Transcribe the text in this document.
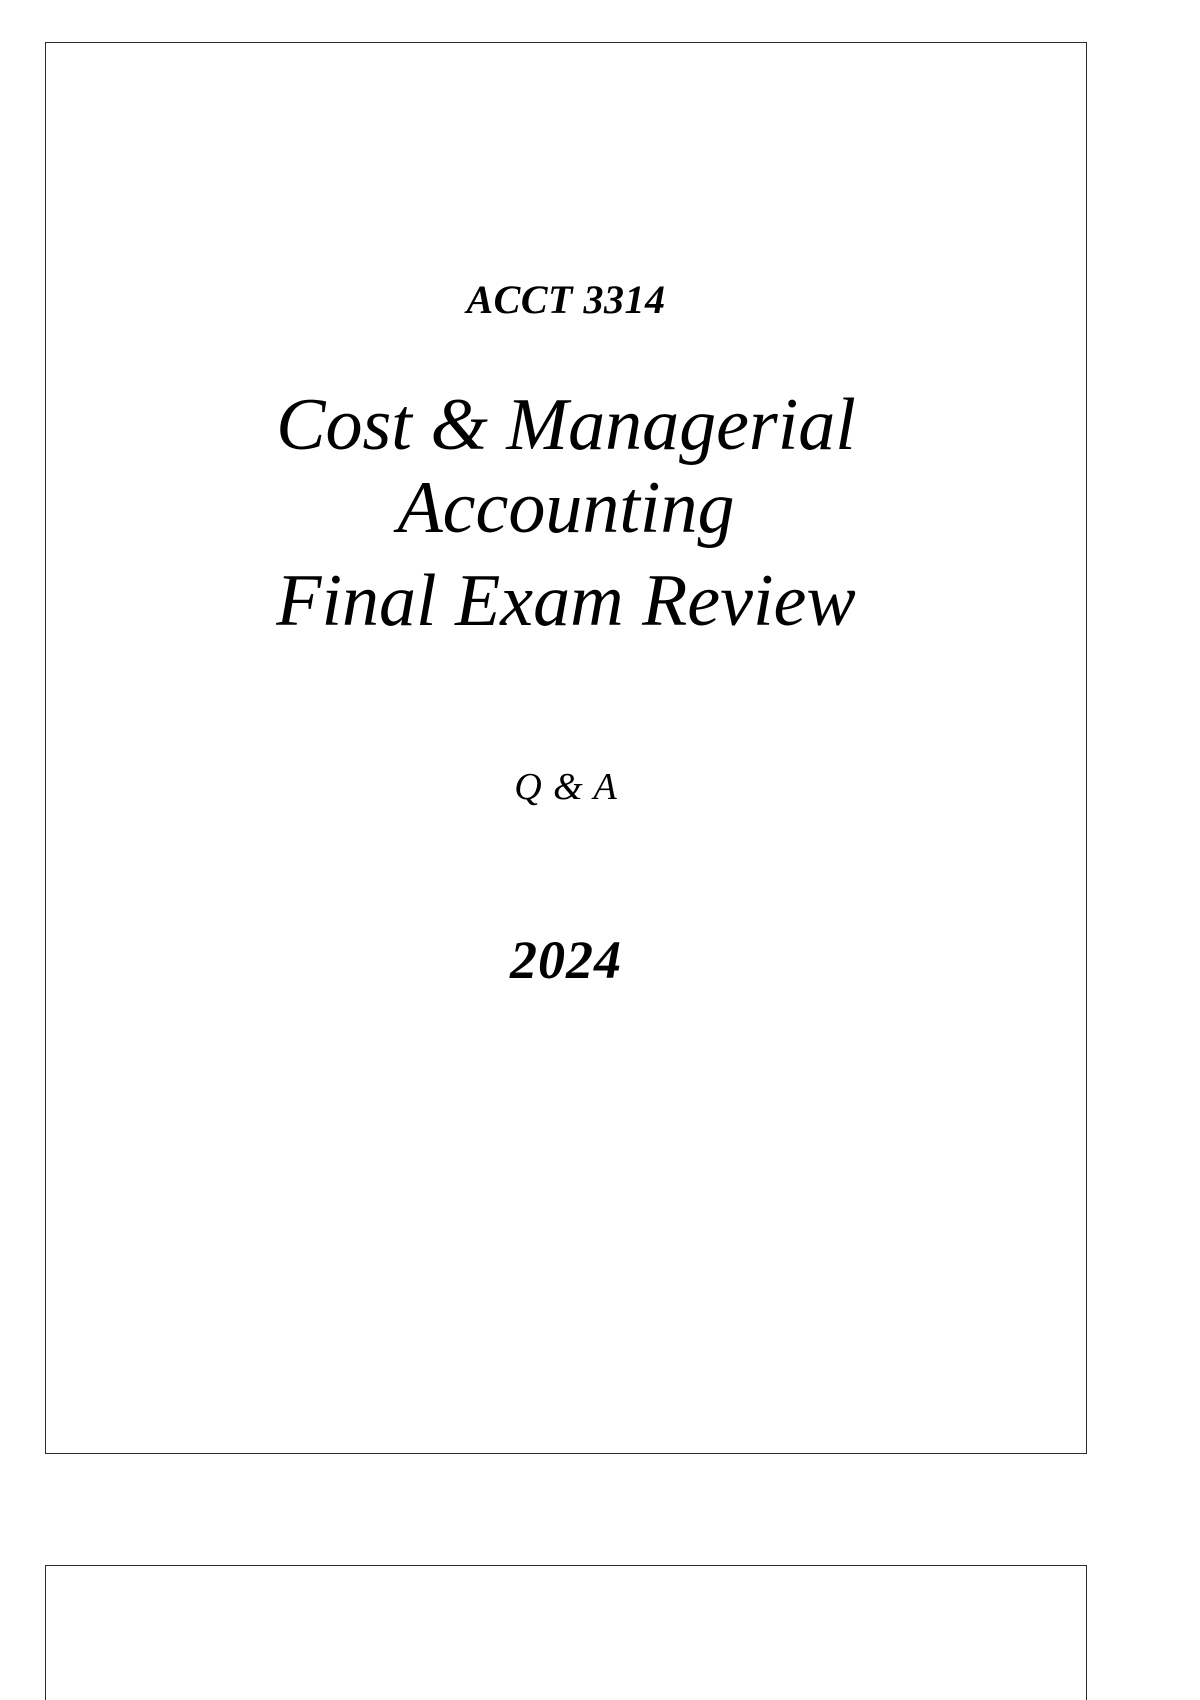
ACCT 3314
Cost & Managerial
Accounting
Final Exam Review
Q & A
2024
